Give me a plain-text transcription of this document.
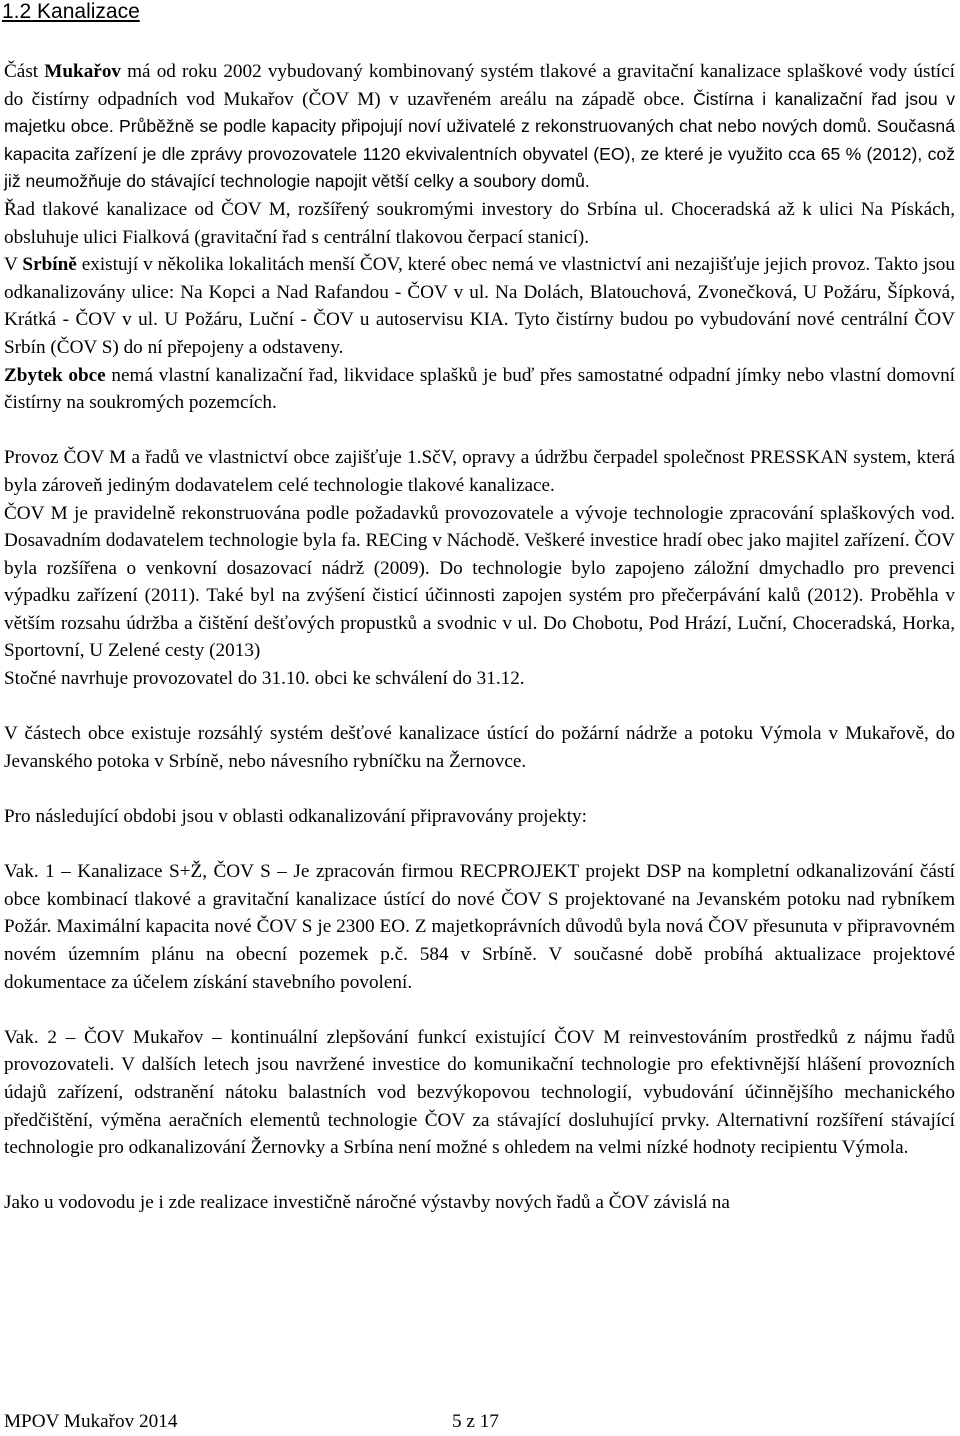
1.2 Kanalizace

Část Mukařov má od roku 2002 vybudovaný kombinovaný systém tlakové a gravitační kanalizace splaškové vody ústící do čistírny odpadních vod Mukařov (ČOV M) v uzavřeném areálu na západě obce. Čistírna i kanalizační řad jsou v majetku obce. Průběžně se podle kapacity připojují noví uživatelé z rekonstruovaných chat nebo nových domů. Současná kapacita zařízení je dle zprávy provozovatele 1120 ekvivalentních obyvatel (EO), ze které je využito cca 65 % (2012), což již neumožňuje do stávající technologie napojit větší celky a soubory domů.

Řad tlakové kanalizace od ČOV M, rozšířený soukromými investory do Srbína ul. Choceradská až k ulici Na Pískách, obsluhuje ulici Fialková (gravitační řad s centrální tlakovou čerpací stanicí).

V Srbíně existují v několika lokalitách menší ČOV, které obec nemá ve vlastnictví ani nezajišťuje jejich provoz. Takto jsou odkanalizovány ulice: Na Kopci a Nad Rafandou - ČOV v ul. Na Dolách, Blatouchová, Zvonečková, U Požáru, Šípková, Krátká - ČOV v ul. U Požáru, Luční - ČOV u autoservisu KIA. Tyto čistírny budou po vybudování nové centrální ČOV Srbín (ČOV S) do ní přepojeny a odstaveny.

Zbytek obce nemá vlastní kanalizační řad, likvidace splašků je buď přes samostatné odpadní jímky nebo vlastní domovní čistírny na soukromých pozemcích.

Provoz ČOV M a řadů ve vlastnictví obce zajišťuje 1.SčV, opravy a údržbu čerpadel společnost PRESSKAN system, která byla zároveň jediným dodavatelem celé technologie tlakové kanalizace.

ČOV M je pravidelně rekonstruována podle požadavků provozovatele a vývoje technologie zpracování splaškových vod. Dosavadním dodavatelem technologie byla fa. RECing v Náchodě. Veškeré investice hradí obec jako majitel zařízení. ČOV byla rozšířena o venkovní dosazovací nádrž (2009). Do technologie bylo zapojeno záložní dmychadlo pro prevenci výpadku zařízení (2011). Také byl na zvýšení čisticí účinnosti zapojen systém pro přečerpávání kalů (2012). Proběhla v větším rozsahu údržba a čištění dešťových propustků a svodnic v ul. Do Chobotu, Pod Hrází, Luční, Choceradská, Horka, Sportovní, U Zelené cesty (2013)

Stočné navrhuje provozovatel do 31.10. obci ke schválení do 31.12.

V částech obce existuje rozsáhlý systém dešťové kanalizace ústící do požární nádrže a potoku Výmola v Mukařově, do Jevanského potoka v Srbíně, nebo návesního rybníčku na Žernovce.

Pro následující obdobi jsou v oblasti odkanalizování připravovány projekty:

Vak. 1 – Kanalizace S+Ž, ČOV S – Je zpracován firmou RECPROJEKT projekt DSP na kompletní odkanalizování částí obce kombinací tlakové a gravitační kanalizace ústící do nové ČOV S projektované na Jevanském potoku nad rybníkem Požár. Maximální kapacita nové ČOV S je 2300 EO. Z majetkoprávních důvodů byla nová ČOV přesunuta v připravovném novém územním plánu na obecní pozemek p.č. 584 v Srbíně. V současné době probíhá aktualizace projektové dokumentace za účelem získání stavebního povolení.

Vak. 2 – ČOV Mukařov – kontinuální zlepšování funkcí existující ČOV M reinvestováním prostředků z nájmu řadů provozovateli. V dalších letech jsou navržené investice do komunikační technologie pro efektivnější hlášení provozních údajů zařízení, odstranění nátoku balastních vod bezvýkopovou technologií, vybudování účinnějšího mechanického předčištění, výměna aeračních elementů technologie ČOV za stávající dosluhující prvky. Alternativní rozšíření stávající technologie pro odkanalizování Žernovky a Srbína není možné s ohledem na velmi nízké hodnoty recipientu Výmola.

Jako u vodovodu je i zde realizace investičně náročné výstavby nových řadů a ČOV závislá na

MPOV Mukařov 2014	5 z 17
